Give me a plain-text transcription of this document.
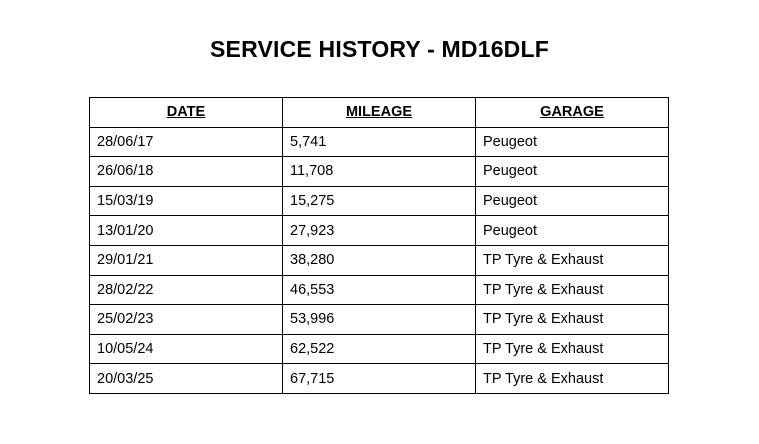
SERVICE HISTORY - MD16DLF
DATE	MILEAGE	GARAGE
28/06/17	5,741	Peugeot
26/06/18	11,708	Peugeot
15/03/19	15,275	Peugeot
13/01/20	27,923	Peugeot
29/01/21	38,280	TP Tyre & Exhaust
28/02/22	46,553	TP Tyre & Exhaust
25/02/23	53,996	TP Tyre & Exhaust
10/05/24	62,522	TP Tyre & Exhaust
20/03/25	67,715	TP Tyre & Exhaust
